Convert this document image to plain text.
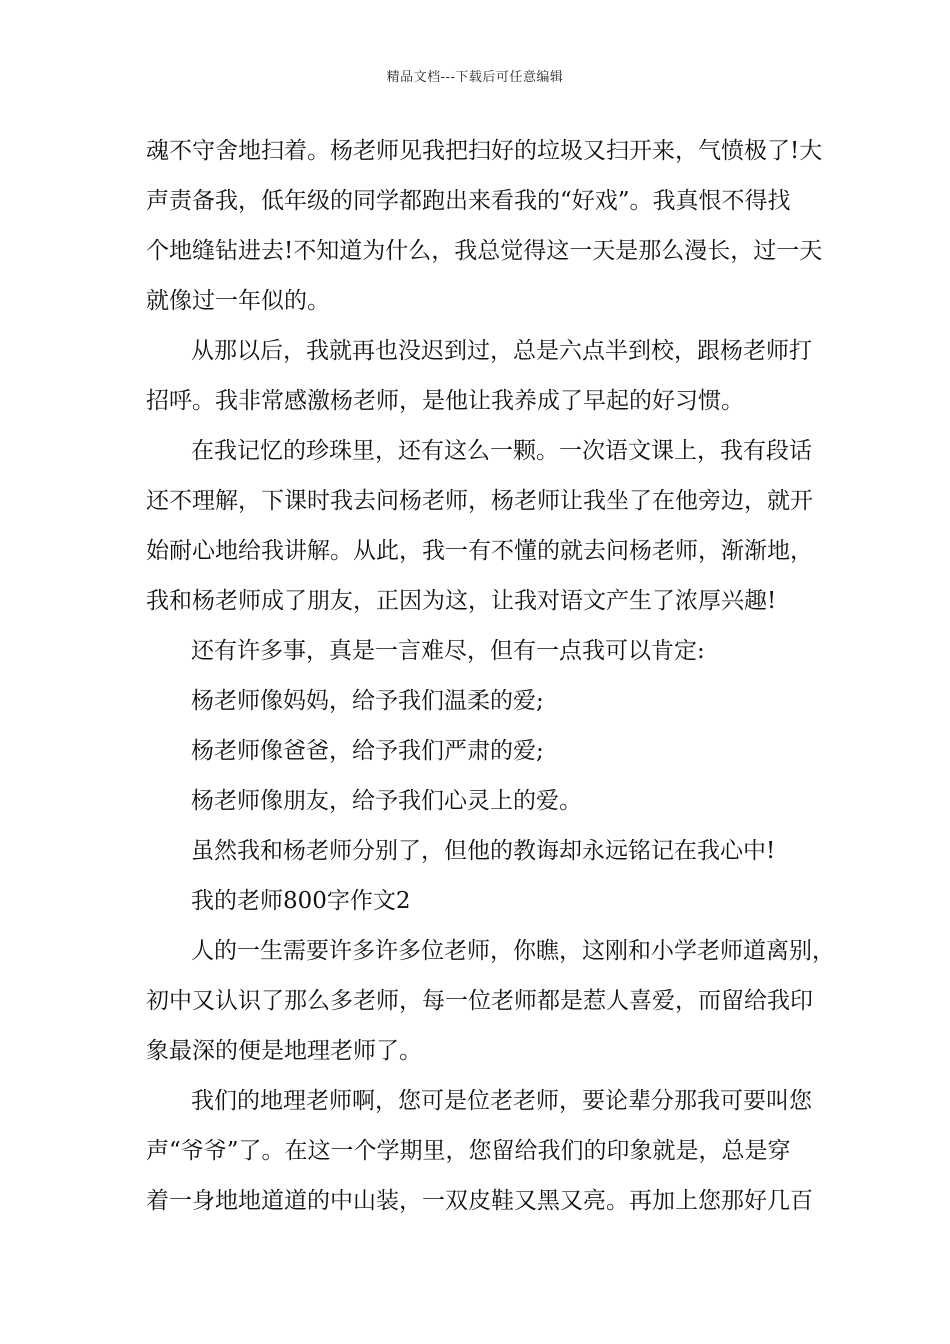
精品文档---下载后可任意编辑
魂不守舍地扫着。杨老师见我把扫好的垃圾又扫开来，气愤极了!大
声责备我，低年级的同学都跑出来看我的“好戏”。我真恨不得找
个地缝钻进去!不知道为什么，我总觉得这一天是那么漫长，过一天
就像过一年似的。
从那以后，我就再也没迟到过，总是六点半到校，跟杨老师打
招呼。我非常感激杨老师，是他让我养成了早起的好习惯。
在我记忆的珍珠里，还有这么一颗。一次语文课上，我有段话
还不理解，下课时我去问杨老师，杨老师让我坐了在他旁边，就开
始耐心地给我讲解。从此，我一有不懂的就去问杨老师，渐渐地，
我和杨老师成了朋友，正因为这，让我对语文产生了浓厚兴趣!
还有许多事，真是一言难尽，但有一点我可以肯定:
杨老师像妈妈，给予我们温柔的爱;
杨老师像爸爸，给予我们严肃的爱;
杨老师像朋友，给予我们心灵上的爱。
虽然我和杨老师分别了，但他的教诲却永远铭记在我心中!
我的老师800字作文2
人的一生需要许多许多位老师，你瞧，这刚和小学老师道离别，
初中又认识了那么多老师，每一位老师都是惹人喜爱，而留给我印
象最深的便是地理老师了。
我们的地理老师啊，您可是位老老师，要论辈分那我可要叫您
声“爷爷”了。在这一个学期里，您留给我们的印象就是，总是穿
着一身地地道道的中山装，一双皮鞋又黑又亮。再加上您那好几百
